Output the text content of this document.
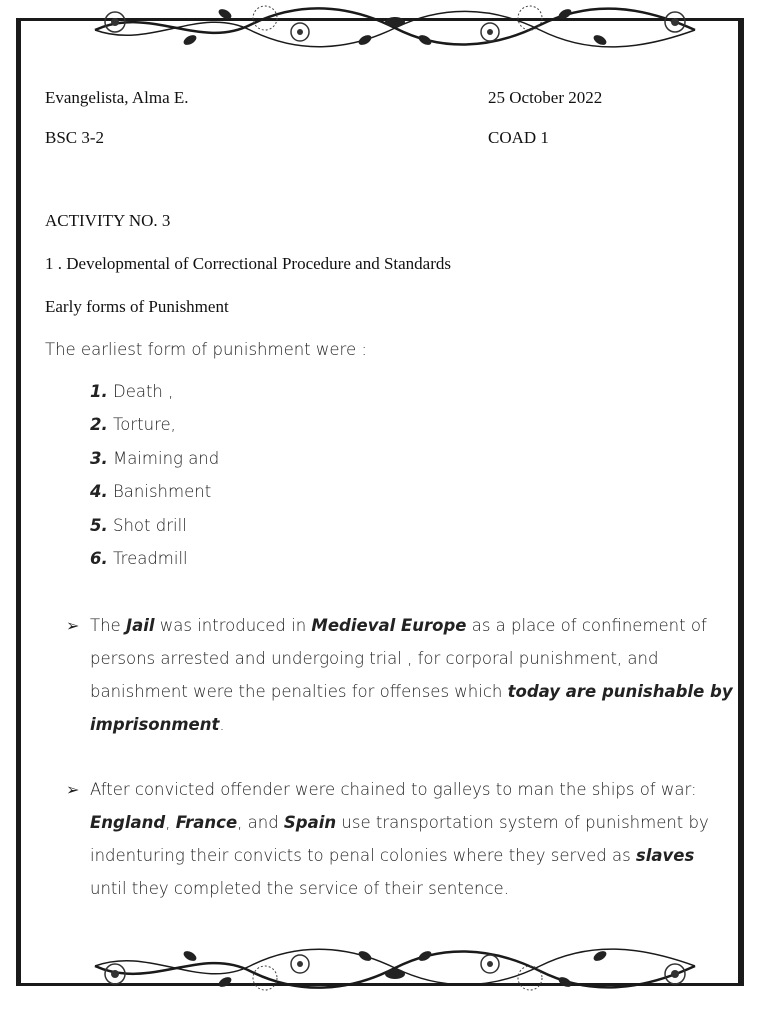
Evangelista, Alma E.	25 October 2022
BSC 3-2	COAD 1
ACTIVITY NO. 3
1 . Developmental of Correctional Procedure and Standards
Early forms of Punishment
The earliest form of punishment were :
1. Death ,
2. Torture,
3. Maiming and
4. Banishment
5. Shot drill
6. Treadmill
➢ The Jail was introduced in Medieval Europe as a place of confinement of persons arrested and undergoing trial , for corporal punishment, and banishment were the penalties for offenses which today are punishable by imprisonment.
➢ After convicted offender were chained to galleys to man the ships of war: England, France, and Spain use transportation system of punishment by indenturing their convicts to penal colonies where they served as slaves until they completed the service of their sentence.
